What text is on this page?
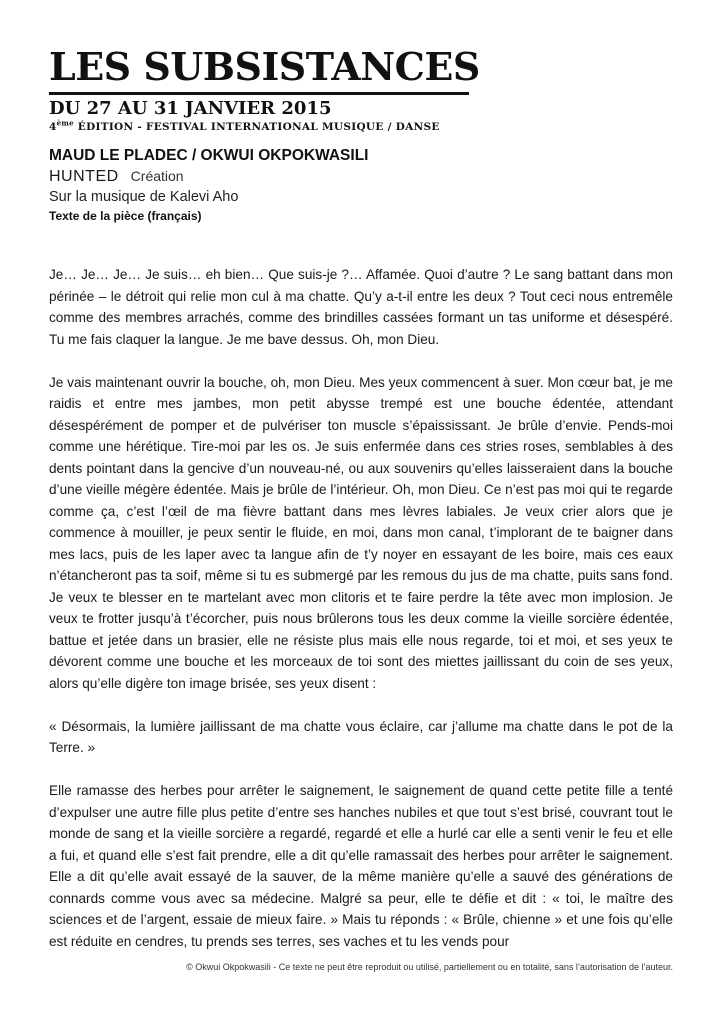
LES SUBSISTANCES
DU 27 AU 31 JANVIER 2015
4ème ÉDITION - FESTIVAL INTERNATIONAL MUSIQUE / DANSE
MAUD LE PLADEC / OKWUI OKPOKWASILI
HUNTED Création
Sur la musique de Kalevi Aho
Texte de la pièce (français)

Je… Je… Je… Je suis… eh bien… Que suis-je ?… Affamée. Quoi d’autre ? Le sang battant dans mon périnée – le détroit qui relie mon cul à ma chatte. Qu’y a-t-il entre les deux ? Tout ceci nous entremêle comme des membres arrachés, comme des brindilles cassées formant un tas uniforme et désespéré. Tu me fais claquer la langue. Je me bave dessus. Oh, mon Dieu.

Je vais maintenant ouvrir la bouche, oh, mon Dieu. Mes yeux commencent à suer. Mon cœur bat, je me raidis et entre mes jambes, mon petit abysse trempé est une bouche édentée, attendant désespérément de pomper et de pulvériser ton muscle s’épaississant. Je brûle d’envie. Pends-moi comme une hérétique. Tire-moi par les os. Je suis enfermée dans ces stries roses, semblables à des dents pointant dans la gencive d’un nouveau-né, ou aux souvenirs qu’elles laisseraient dans la bouche d’une vieille mégère édentée. Mais je brûle de l’intérieur. Oh, mon Dieu. Ce n’est pas moi qui te regarde comme ça, c’est l’œil de ma fièvre battant dans mes lèvres labiales. Je veux crier alors que je commence à mouiller, je peux sentir le fluide, en moi, dans mon canal, t’implorant de te baigner dans mes lacs, puis de les laper avec ta langue afin de t’y noyer en essayant de les boire, mais ces eaux n’étancheront pas ta soif, même si tu es submergé par les remous du jus de ma chatte, puits sans fond. Je veux te blesser en te martelant avec mon clitoris et te faire perdre la tête avec mon implosion. Je veux te frotter jusqu’à t’écorcher, puis nous brûlerons tous les deux comme la vieille sorcière édentée, battue et jetée dans un brasier, elle ne résiste plus mais elle nous regarde, toi et moi, et ses yeux te dévorent comme une bouche et les morceaux de toi sont des miettes jaillissant du coin de ses yeux, alors qu’elle digère ton image brisée, ses yeux disent :

« Désormais, la lumière jaillissant de ma chatte vous éclaire, car j’allume ma chatte dans le pot de la Terre. »

Elle ramasse des herbes pour arrêter le saignement, le saignement de quand cette petite fille a tenté d’expulser une autre fille plus petite d’entre ses hanches nubiles et que tout s’est brisé, couvrant tout le monde de sang et la vieille sorcière a regardé, regardé et elle a hurlé car elle a senti venir le feu et elle a fui, et quand elle s’est fait prendre, elle a dit qu’elle ramassait des herbes pour arrêter le saignement. Elle a dit qu’elle avait essayé de la sauver, de la même manière qu’elle a sauvé des générations de connards comme vous avec sa médecine. Malgré sa peur, elle te défie et dit : « toi, le maître des sciences et de l’argent, essaie de mieux faire. » Mais tu réponds : « Brûle, chienne » et une fois qu’elle est réduite en cendres, tu prends ses terres, ses vaches et tu les vends pour

© Okwui Okpokwasili - Ce texte ne peut être reproduit ou utilisé, partiellement ou en totalité, sans l’autorisation de l’auteur.
